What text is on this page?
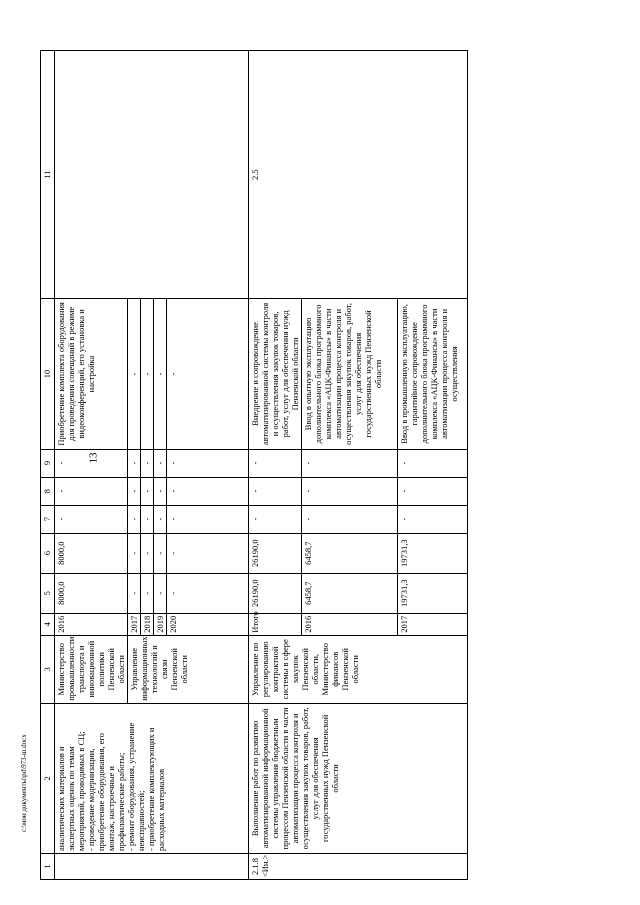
13
c:\мои документы\pd\973-ш.docx
1	2	3	4	5	6	7	8	9	10	11
	аналитических материалов и экспертных оценок по темам мероприятий, проводимых в СЦ;
- проведение модернизации, приобретение оборудования, его монтаж, настроечные и профилактические работы;
- ремонт оборудования, устранение неисправностей;
- приобретение комплектующих и расходных материалов	Министерство промышленности, транспорта и инновационной политики Пензенской области	2016	8000,0	8000,0	-	-	-	Приобретение комплекта оборудования для проведения совещаний в режиме видеоконференций, его установка и настройка	
		Управление информационных технологий и связи Пензенской области	2017	-	-	-	-	-	-	
			2018	-	-	-	-	-	-	
			2019	-	-	-	-	-	-	
			2020	-	-	-	-	-	-	
2.1.8
<Ин.>	Выполнение работ по развитию автоматизированной информационной системы управления бюджетным процессом Пензенской области в части автоматизации процесса контроля и осуществления закупок товаров, работ, услуг для обеспечения государственных нужд Пензенской области	Управление по регулированию контрактной системы в сфере закупок Пензенской области, Министерство финансов Пензенской области	Итого	26190,0	26190,0	-	-	-	Внедрение и сопровождение автоматизированной системы контроля и осуществления закупок товаров, работ, услуг для обеспечения нужд Пензенской области	2.5
			2016	6458,7	6458,7	-	-	-	Ввод в опытную эксплуатацию дополнительного блока программного комплекса «АЦК-Финансы» в части автоматизации процесса контроля и осуществления закупок товаров, работ, услуг для обеспечения государственных нужд Пензенской области	
			2017	19731,3	19731,3	-	-	-	Ввод в промышленную эксплуатацию, гарантийное сопровождение дополнительного блока программного комплекса «АЦК-Финансы» в части автоматизации процесса контроля и осуществления	
